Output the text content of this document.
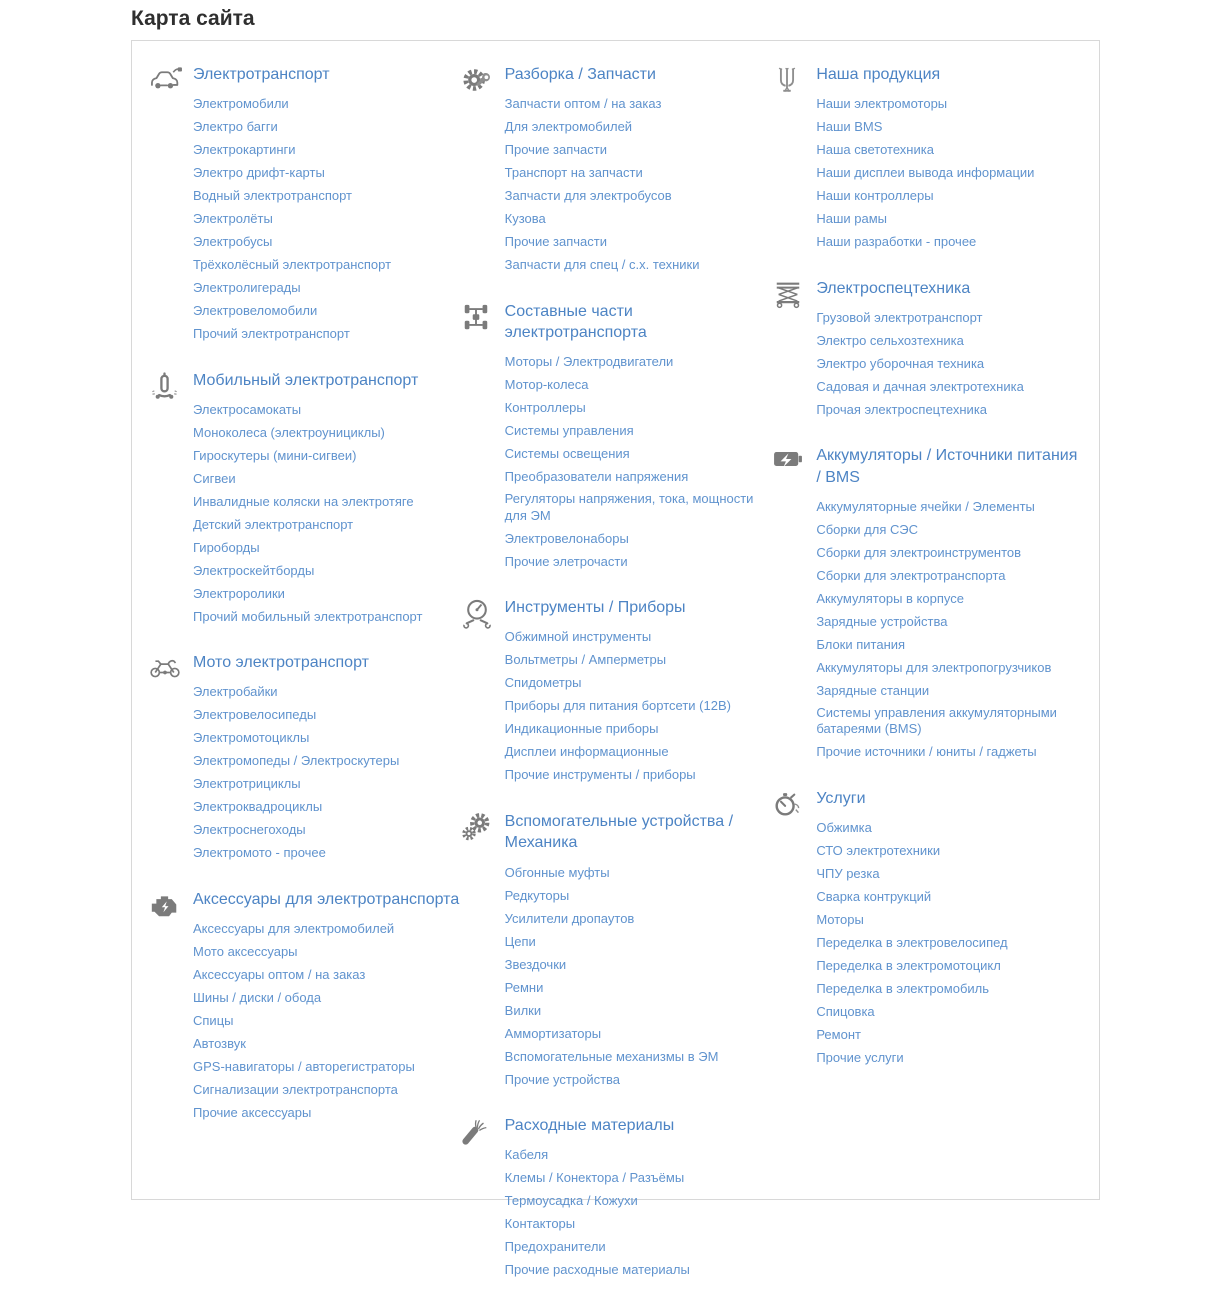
Карта сайта
Электротранспорт
Электромобили
Электро багги
Электрокартинги
Электро дрифт-карты
Водный электротранспорт
Электролёты
Электробусы
Трёхколёсный электротранспорт
Электролигерады
Электровеломобили
Прочий электротранспорт
Мобильный электротранспорт
Электросамокаты
Моноколеса (электроунициклы)
Гироскутеры (мини-сигвеи)
Сигвеи
Инвалидные коляски на электротяге
Детский электротранспорт
Гироборды
Электроскейтборды
Электроролики
Прочий мобильный электротранспорт
Мото электротранспорт
Электробайки
Электровелосипеды
Электромотоциклы
Электромопеды / Электроскутеры
Электротрициклы
Электроквадроциклы
Электроснегоходы
Электромото - прочее
Аксессуары для электротранспорта
Аксессуары для электромобилей
Мото аксессуары
Аксессуары оптом / на заказ
Шины / диски / обода
Спицы
Автозвук
GPS-навигаторы / авторегистраторы
Сигнализации электротранспорта
Прочие аксессуары
Разборка / Запчасти
Запчасти оптом / на заказ
Для электромобилей
Прочие запчасти
Транспорт на запчасти
Запчасти для электробусов
Кузова
Прочие запчасти
Запчасти для спец / с.х. техники
Составные части электротранспорта
Моторы / Электродвигатели
Мотор-колеса
Контроллеры
Системы управления
Системы освещения
Преобразователи напряжения
Регуляторы напряжения, тока, мощности для ЭМ
Электровелонаборы
Прочие элетрочасти
Инструменты / Приборы
Обжимной инструменты
Вольтметры / Амперметры
Спидометры
Приборы для питания бортсети (12В)
Индикационные приборы
Дисплеи информационные
Прочие инструменты / приборы
Вспомогательные устройства / Механика
Обгонные муфты
Редкуторы
Усилители дропаутов
Цепи
Звездочки
Ремни
Вилки
Аммортизаторы
Вспомогательные механизмы в ЭМ
Прочие устройства
Расходные материалы
Кабеля
Клемы / Конектора / Разъёмы
Термоусадка / Кожухи
Контакторы
Предохранители
Прочие расходные материалы
Наша продукция
Наши электромоторы
Наши BMS
Наша светотехника
Наши дисплеи вывода информации
Наши контроллеры
Наши рамы
Наши разработки - прочее
Электроспецтехника
Грузовой электротранспорт
Электро сельхозтехника
Электро уборочная техника
Садовая и дачная электротехника
Прочая электроспецтехника
Аккумуляторы / Источники питания / BMS
Аккумуляторные ячейки / Элементы
Сборки для СЭС
Сборки для электроинструментов
Сборки для электротранспорта
Аккумуляторы в корпусе
Зарядные устройства
Блоки питания
Аккумуляторы для электропогрузчиков
Зарядные станции
Системы управления аккумуляторными батареями (BMS)
Прочие источники / юниты / гаджеты
Услуги
Обжимка
СТО электротехники
ЧПУ резка
Сварка контрукций
Моторы
Переделка в электровелосипед
Переделка в электромотоцикл
Переделка в электромобиль
Спицовка
Ремонт
Прочие услуги
